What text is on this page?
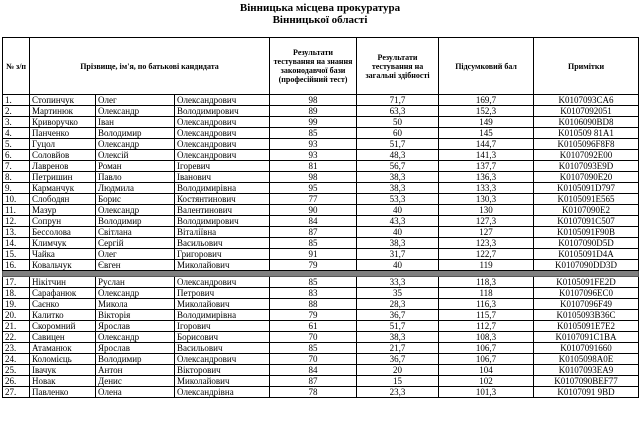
Вінницька місцева прокуратура
Вінницької області
№ з/п	Прізвище, ім'я, по батькові кандидата			Результати тестування на знання законодавчої бази (професійний тест)	Результати тестування на загальні здібності	Підсумковий бал	Примітки
1.	Стопинчук	Олег	Олександрович	98	71,7	169,7	K0107093CA6
2.	Мартинюк	Олександр	Володимирович	89	63,3	152,3	K0107092051
3.	Криворучко	Іван	Олександрович	99	50	149	K0106090BD8
4.	Панченко	Володимир	Олександрович	85	60	145	K010509 81A1
5.	Гуцол	Олександр	Олександрович	93	51,7	144,7	K0105096F8F8
6.	Соловйов	Олексій	Олександрович	93	48,3	141,3	K0107092E00
7.	Лавренов	Роман	Ігоревич	81	56,7	137,7	K0107093E9D
8.	Петришин	Павло	Іванович	98	38,3	136,3	K0107090E20
9.	Карманчук	Людмила	Володимирівна	95	38,3	133,3	K0105091D797
10.	Слободян	Борис	Костянтинович	77	53,3	130,3	K0105091E565
11.	Мазур	Олександр	Валентинович	90	40	130	K0107090E2
12.	Сопрун	Володимир	Володимирович	84	43,3	127,3	K0107091C507
13.	Бессолова	Світлана	Віталіївна	87	40	127	K0105091F90B
14.	Климчук	Сергій	Васильович	85	38,3	123,3	K0107090D5D
15.	Чайка	Олег	Григорович	91	31,7	122,7	K0105091D4A
16.	Ковальчук	Євген	Миколайович	79	40	119	K0107090DD3D

17.	Нікітчин	Руслан	Олександрович	85	33,3	118,3	K0105091FE2D
18.	Сарафанюк	Олександр	Петрович	83	35	118	K0107096EC0
19.	Саєнко	Микола	Миколайович	88	28,3	116,3	K0107096F49
20.	Калитко	Вікторія	Володимирівна	79	36,7	115,7	K0105093B36C
21.	Скоромний	Ярослав	Ігорович	61	51,7	112,7	K0105091E7E2
22.	Савицен	Олександр	Борисович	70	38,3	108,3	K0107091C1BA
23.	Атаманюк	Ярослав	Васильович	85	21,7	106,7	K0107091660
24.	Коломієць	Володимир	Олександрович	70	36,7	106,7	K0105098A0E
25.	Івачук	Антон	Вікторович	84	20	104	K0107093EA9
26.	Новак	Денис	Миколайович	87	15	102	K0107090BEF77
27.	Павленко	Олена	Олександрівна	78	23,3	101,3	K0107091 9BD
